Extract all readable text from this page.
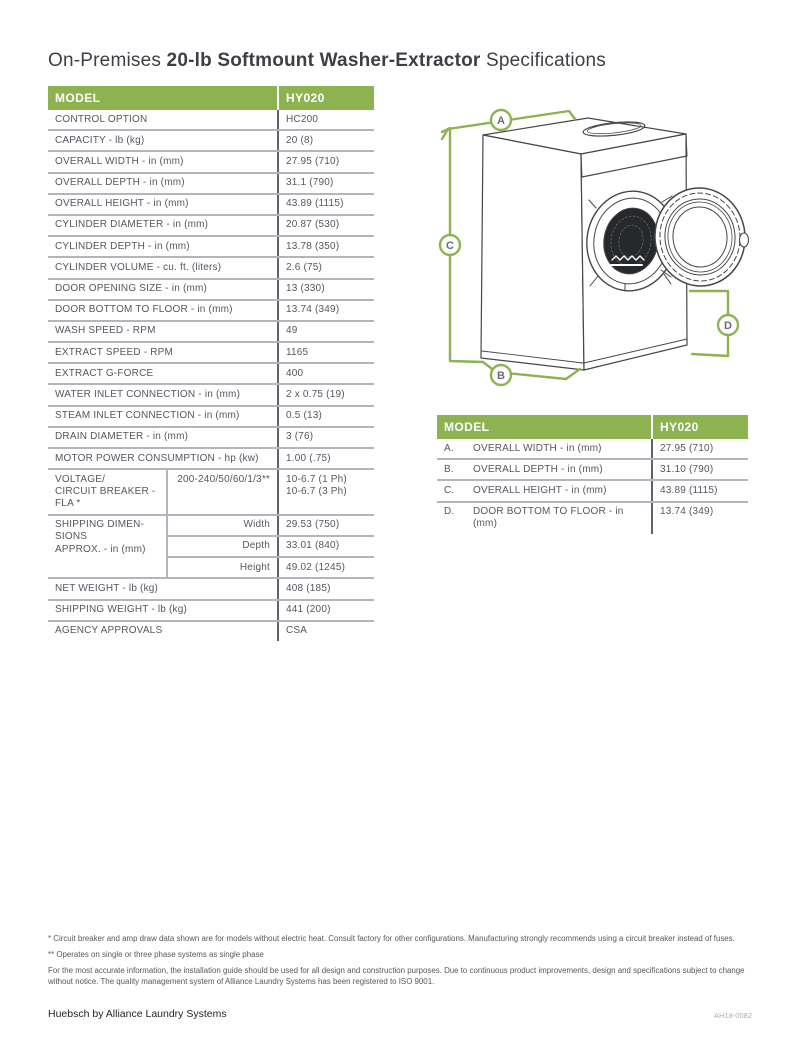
On-Premises 20-lb Softmount Washer-Extractor Specifications
MODEL		HY020
CONTROL OPTION		HC200
CAPACITY - lb (kg)		20 (8)
OVERALL WIDTH - in (mm)		27.95 (710)
OVERALL DEPTH - in (mm)		31.1 (790)
OVERALL HEIGHT - in (mm)		43.89 (1115)
CYLINDER DIAMETER - in (mm)		20.87 (530)
CYLINDER DEPTH - in (mm)		13.78 (350)
CYLINDER VOLUME - cu. ft. (liters)		2.6 (75)
DOOR OPENING SIZE - in (mm)		13 (330)
DOOR BOTTOM TO FLOOR - in (mm)		13.74 (349)
WASH SPEED - RPM		49
EXTRACT SPEED - RPM		1165
EXTRACT G-FORCE		400
WATER INLET CONNECTION - in (mm)		2 x 0.75 (19)
STEAM INLET CONNECTION - in (mm)		0.5 (13)
DRAIN DIAMETER - in (mm)		3 (76)
MOTOR POWER CONSUMPTION - hp (kw)		1.00 (.75)

VOLTAGE/
CIRCUIT BREAKER -
FLA *
	200-240/50/60/1/3**	10-6.7 (1 Ph)
10-6.7 (3 Ph)

SHIPPING DIMEN-
SIONS
APPROX. - in (mm)	Width	29.53 (750)
	Depth	33.01 (840)
	Height	49.02 (1245)
NET WEIGHT - lb (kg)		408 (185)
SHIPPING WEIGHT - lb (kg)		441 (200)
AGENCY APPROVALS		CSA
A
C
B
D
MODEL		HY020
A.	OVERALL WIDTH - in (mm)	27.95 (710)
B.	OVERALL DEPTH - in (mm)	31.10 (790)
C.	OVERALL HEIGHT - in (mm)	43.89 (1115)
D.	DOOR BOTTOM TO FLOOR - in (mm)	13.74 (349)

* Circuit breaker and amp draw data shown are for models without electric heat. Consult factory for other configurations. Manufacturing strongly recommends using a circuit breaker instead of fuses.

** Operates on single or three phase systems as single phase

For the most accurate information, the installation guide should be used for all design and construction purposes. Due to continuous product improvements, design and specifications subject to change without notice. The quality management system of Alliance Laundry Systems has been registered to ISO 9001.

Huebsch by Alliance Laundry Systems	AH18-0082
